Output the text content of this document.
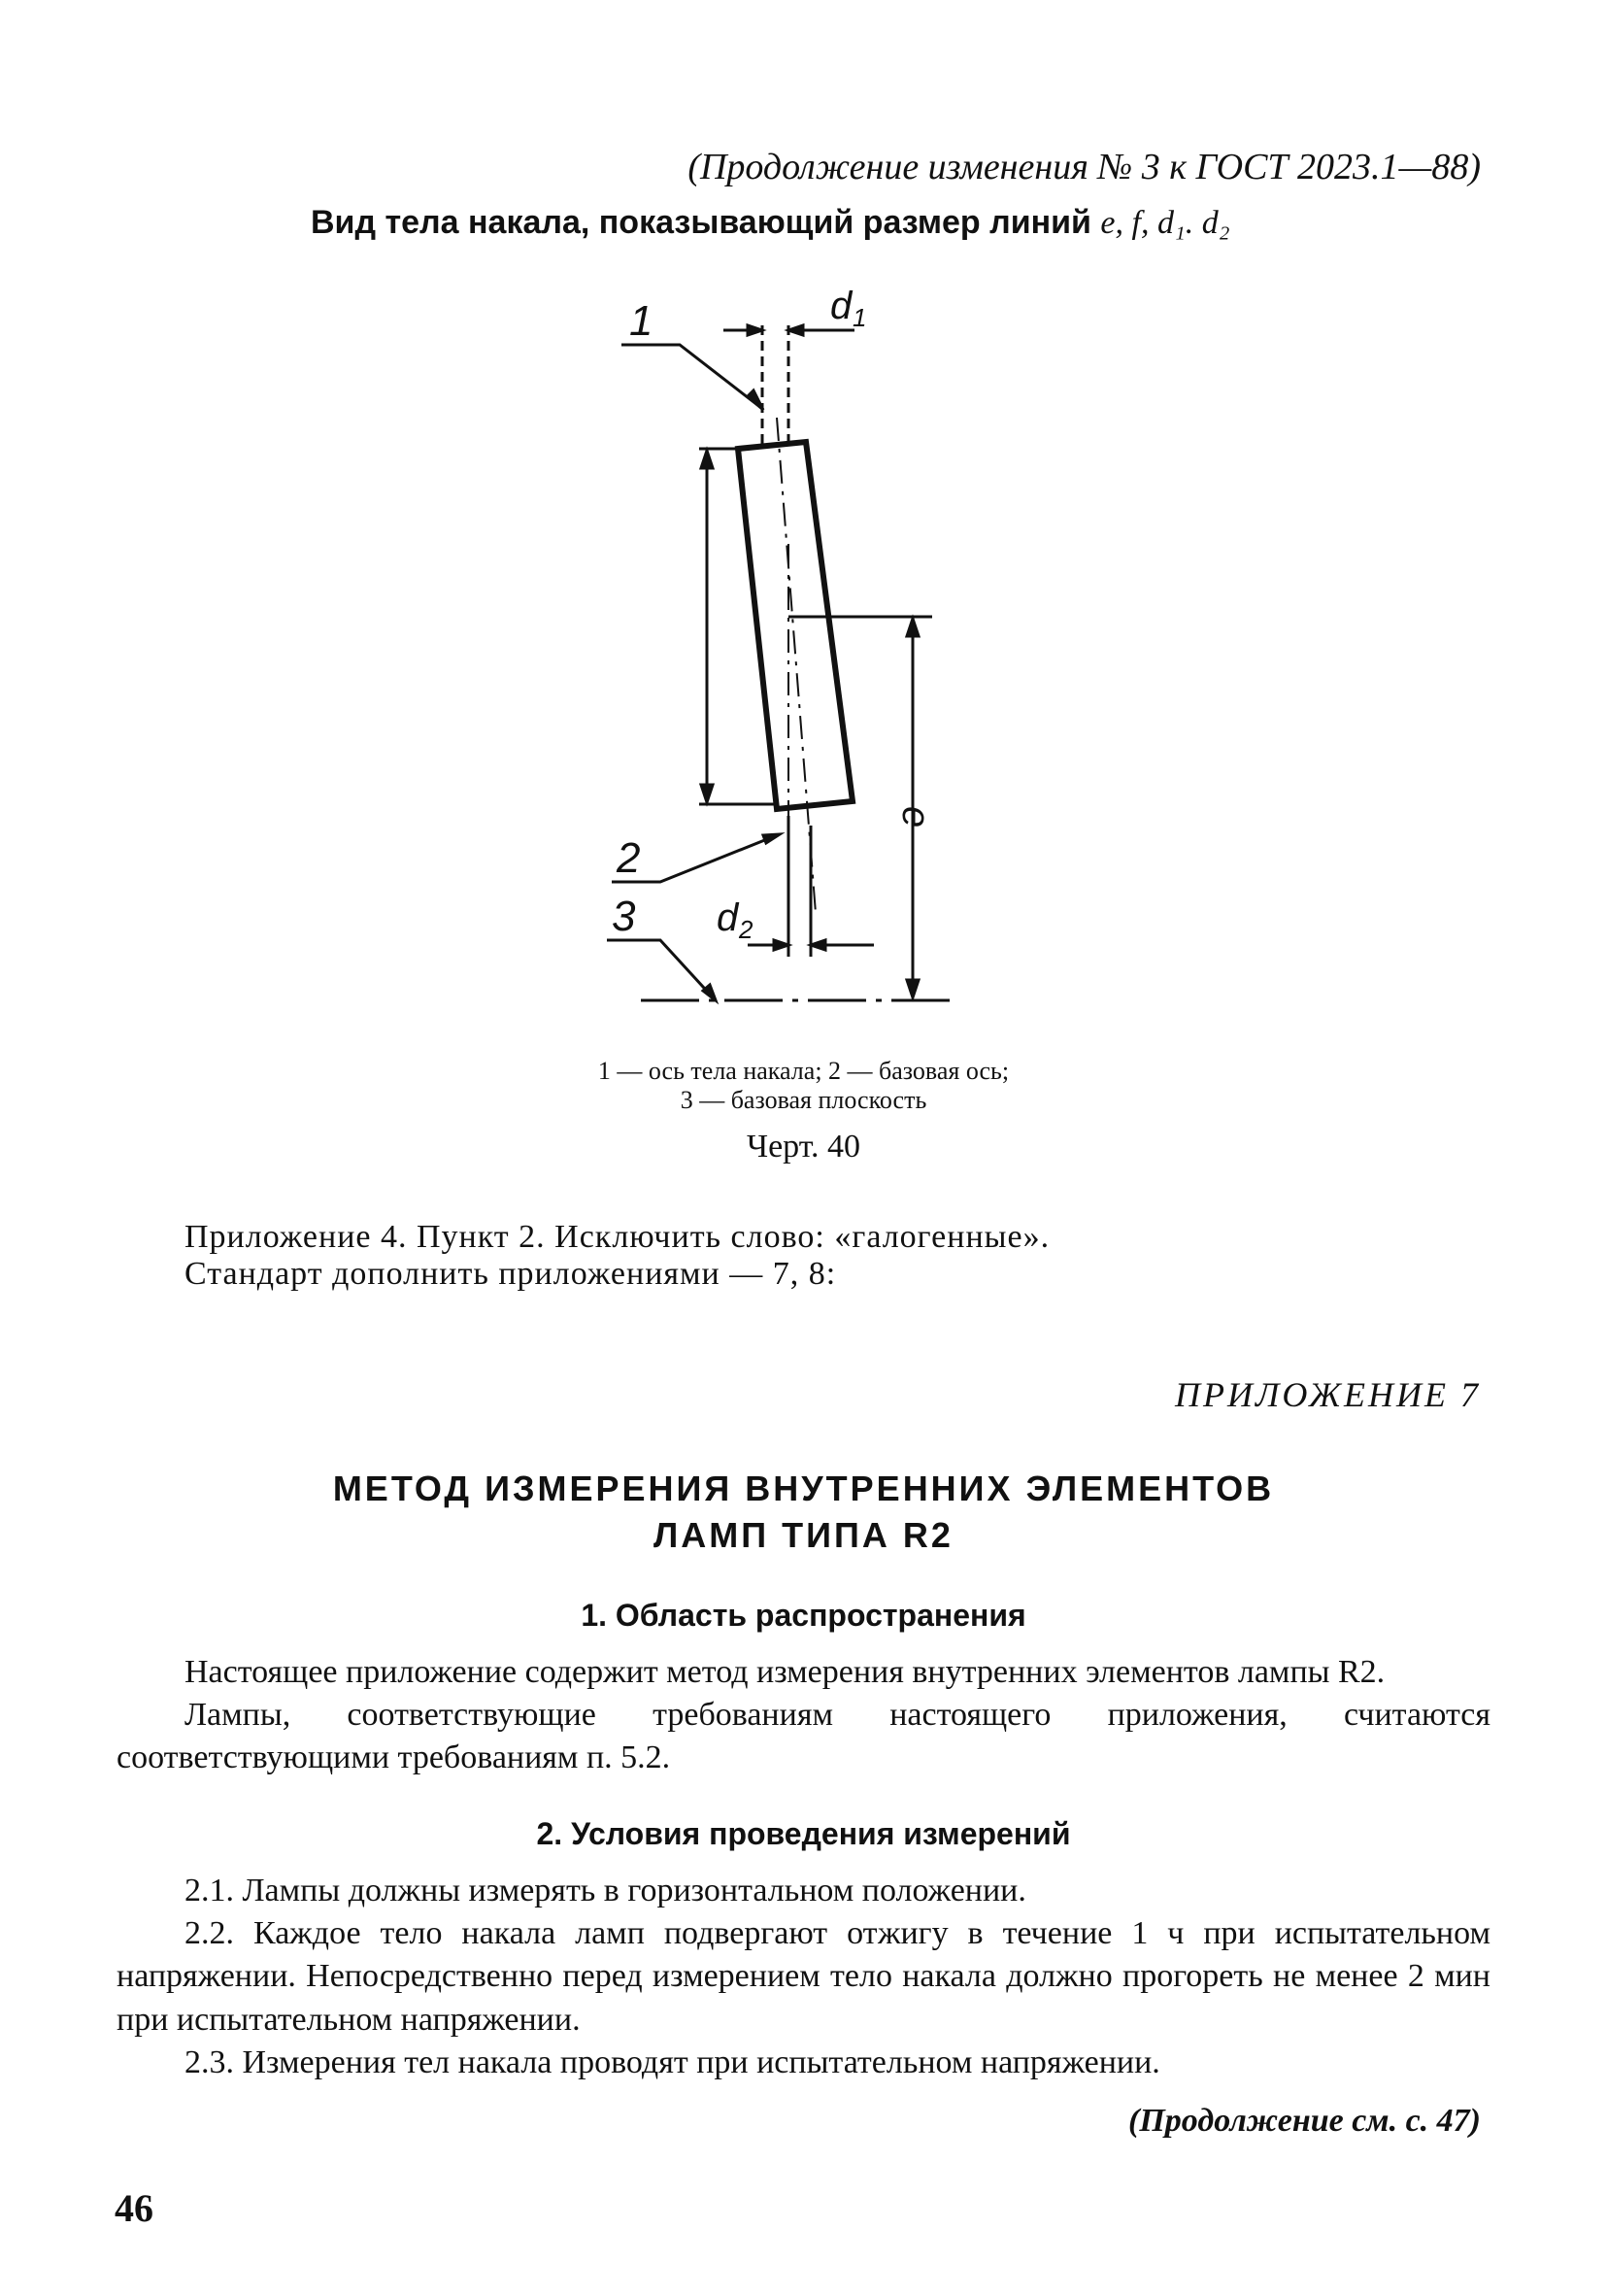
(Продолжение изменения № 3 к ГОСТ 2023.1—88)
Вид тела накала, показывающий размер линий e, f, d₁. d₂
1
2
3
d 1
d 2
e
1 — ось тела накала; 2 — базовая ось;
3 — базовая плоскость
Черт. 40
Приложение 4. Пункт 2. Исключить слово: «галогенные».
Стандарт дополнить приложениями — 7, 8:
ПРИЛОЖЕНИЕ 7
МЕТОД ИЗМЕРЕНИЯ ВНУТРЕННИХ ЭЛЕМЕНТОВ
ЛАМП ТИПА R2
1. Область распространения

Настоящее приложение содержит метод измерения внутренних элементов лампы R2.

Лампы, соответствующие требованиям настоящего приложения, считаются соответствующими требованиям п. 5.2.

2. Условия проведения измерений

2.1. Лампы должны измерять в горизонтальном положении.

2.2. Каждое тело накала ламп подвергают отжигу в течение 1 ч при испытательном напряжении. Непосредственно перед измерением тело накала должно прогореть не менее 2 мин при испытательном напряжении.

2.3. Измерения тел накала проводят при испытательном напряжении.

(Продолжение см. с. 47)
46
